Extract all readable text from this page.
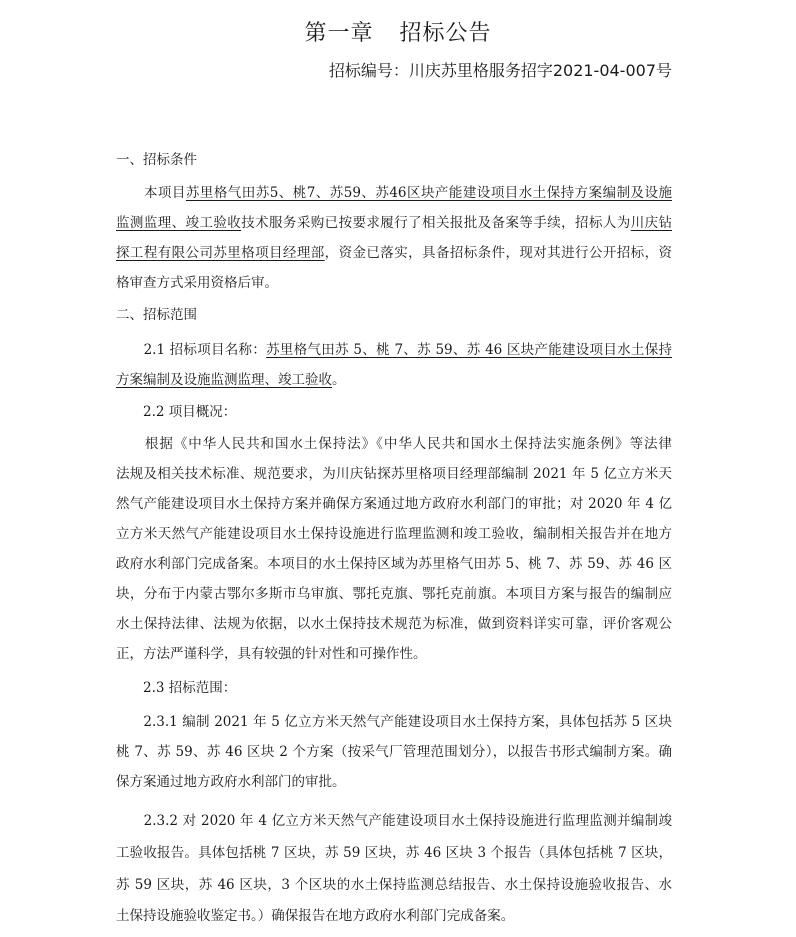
第一章 招标公告
招标编号：川庆苏里格服务招字2021-04-007号
一、招标条件
　　本项目苏里格气田苏5、桃7、苏59、苏46区块产能建设项目水土保持方案编制及设施
监测监理、竣工验收技术服务采购已按要求履行了相关报批及备案等手续，招标人为川庆钻
探工程有限公司苏里格项目经理部，资金已落实，具备招标条件，现对其进行公开招标，资
格审查方式采用资格后审。
二、招标范围
　　2.1 招标项目名称：苏里格气田苏 5、桃 7、苏 59、苏 46 区块产能建设项目水土保持
方案编制及设施监测监理、竣工验收。
　　2.2 项目概况：
　　根据《中华人民共和国水土保持法》《中华人民共和国水土保持法实施条例》等法律
法规及相关技术标准、规范要求，为川庆钻探苏里格项目经理部编制 2021 年 5 亿立方米天
然气产能建设项目水土保持方案并确保方案通过地方政府水利部门的审批；对 2020 年 4 亿
立方米天然气产能建设项目水土保持设施进行监理监测和竣工验收，编制相关报告并在地方
政府水利部门完成备案。本项目的水土保持区域为苏里格气田苏 5、桃 7、苏 59、苏 46 区
块，分布于内蒙古鄂尔多斯市乌审旗、鄂托克旗、鄂托克前旗。本项目方案与报告的编制应
水土保持法律、法规为依据，以水土保持技术规范为标准，做到资料详实可靠，评价客观公
正，方法严谨科学，具有较强的针对性和可操作性。
　　2.3 招标范围：
　　2.3.1 编制 2021 年 5 亿立方米天然气产能建设项目水土保持方案，具体包括苏 5 区块
桃 7、苏 59、苏 46 区块 2 个方案（按采气厂管理范围划分），以报告书形式编制方案。确
保方案通过地方政府水利部门的审批。
　　2.3.2 对 2020 年 4 亿立方米天然气产能建设项目水土保持设施进行监理监测并编制竣
工验收报告。具体包括桃 7 区块，苏 59 区块，苏 46 区块 3 个报告（具体包括桃 7 区块，
苏 59 区块，苏 46 区块，3 个区块的水土保持监测总结报告、水土保持设施验收报告、水
土保持设施验收鉴定书。）确保报告在地方政府水利部门完成备案。
